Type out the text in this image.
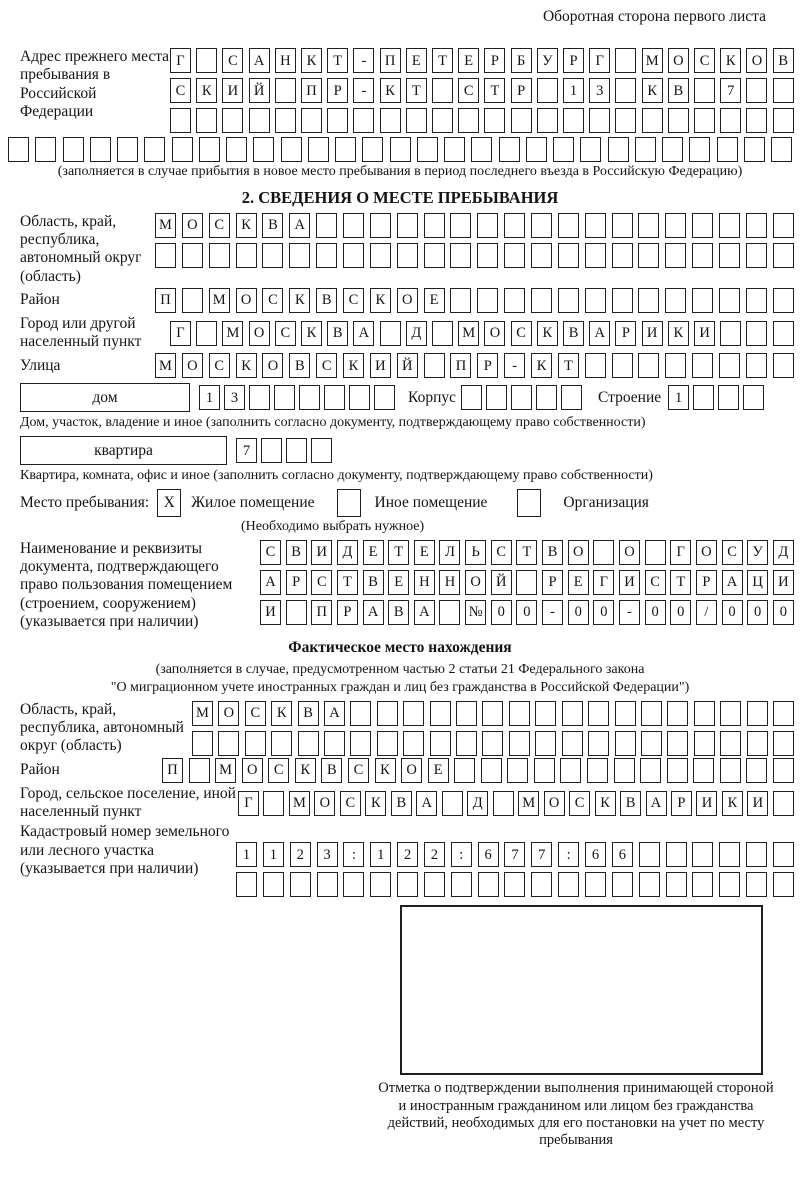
Оборотная сторона первого листа
Адрес прежнего места пребывания в Российской Федерации
Г	С	А	Н	К	Т	-	П	Е	Т	Е	Р	Б	У	Р	Г	М	О	С	К	О	В
С	К	И	Й	П	Р	-	К	Т	С	Т	Р	1	3	К	В	7
(заполняется в случае прибытия в новое место пребывания в период последнего въезда в Российскую Федерацию)
2. СВЕДЕНИЯ О МЕСТЕ ПРЕБЫВАНИЯ
Область, край, республика, автономный округ (область)
М	О	С	К	В	А
Район	П	М	О	С	К	В	С	К	О	Е
Город или другой населенный пункт	Г	М	О	С	К	В	А	Д	М	О	С	К	В	А	Р	И	К	И
Улица	М	О	С	К	О	В	С	К	И	Й	П	Р	-	К	Т
дом	1	3	Корпус	Строение 1
Дом, участок, владение и иное (заполнить согласно документу, подтверждающему право собственности)
квартира	7
Квартира, комната, офис и иное (заполнить согласно документу, подтверждающему право собственности)
Место пребывания: X	Жилое помещение	Иное помещение	Организация
(Необходимо выбрать нужное)
Наименование и реквизиты документа, подтверждающего право пользования помещением (строением, сооружением) (указывается при наличии)
С	В	И	Д	Е	Т	Е	Л	Ь	С	Т	В	О	О	Г	О	С	У	Д
А	Р	С	Т	В	Е	Н	Н	О	Й	Р	Е	Г	И	С	Т	Р	А	Ц	И
И	П	Р	А	В	А	№	0	0	-	0	0	-	0	0	/	0	0	0
Фактическое место нахождения
(заполняется в случае, предусмотренном частью 2 статьи 21 Федерального закона
"О миграционном учете иностранных граждан и лиц без гражданства в Российской Федерации")
Область, край, республика, автономный округ (область)
М	О	С	К	В	А
Район	П	М	О	С	К	В	С	К	О	Е
Город, сельское поселение, иной населенный пункт	Г	М О	С	К	В	А	Д	М О	С	К	В	А	Р	И	К	И
Кадастровый номер земельного или лесного участка (указывается при наличии)
1	1	2	3	:	1	2	2	:	6	7	7	:	6	6
Отметка о подтверждении выполнения принимающей стороной и иностранным гражданином или лицом без гражданства действий, необходимых для его постановки на учет по месту пребывания
